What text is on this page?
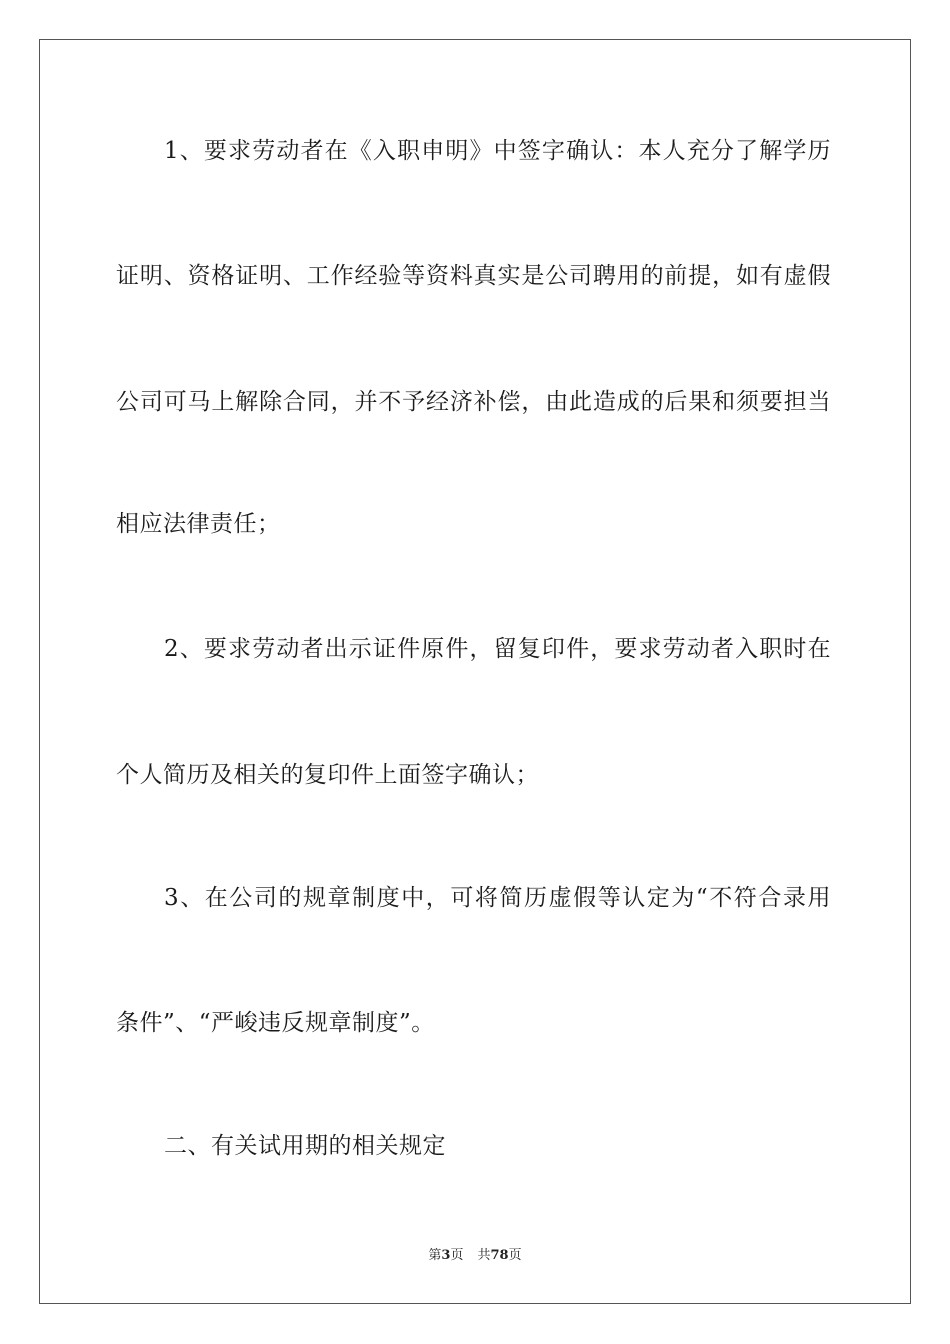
1、要求劳动者在《入职申明》中签字确认：本人充分了解学历
证明、资格证明、工作经验等资料真实是公司聘用的前提，如有虚假
公司可马上解除合同，并不予经济补偿，由此造成的后果和须要担当
相应法律责任；
2、要求劳动者出示证件原件，留复印件，要求劳动者入职时在
个人简历及相关的复印件上面签字确认；
3、在公司的规章制度中，可将简历虚假等认定为“不符合录用
条件”、“严峻违反规章制度”。
二、有关试用期的相关规定
第3页 共78页
